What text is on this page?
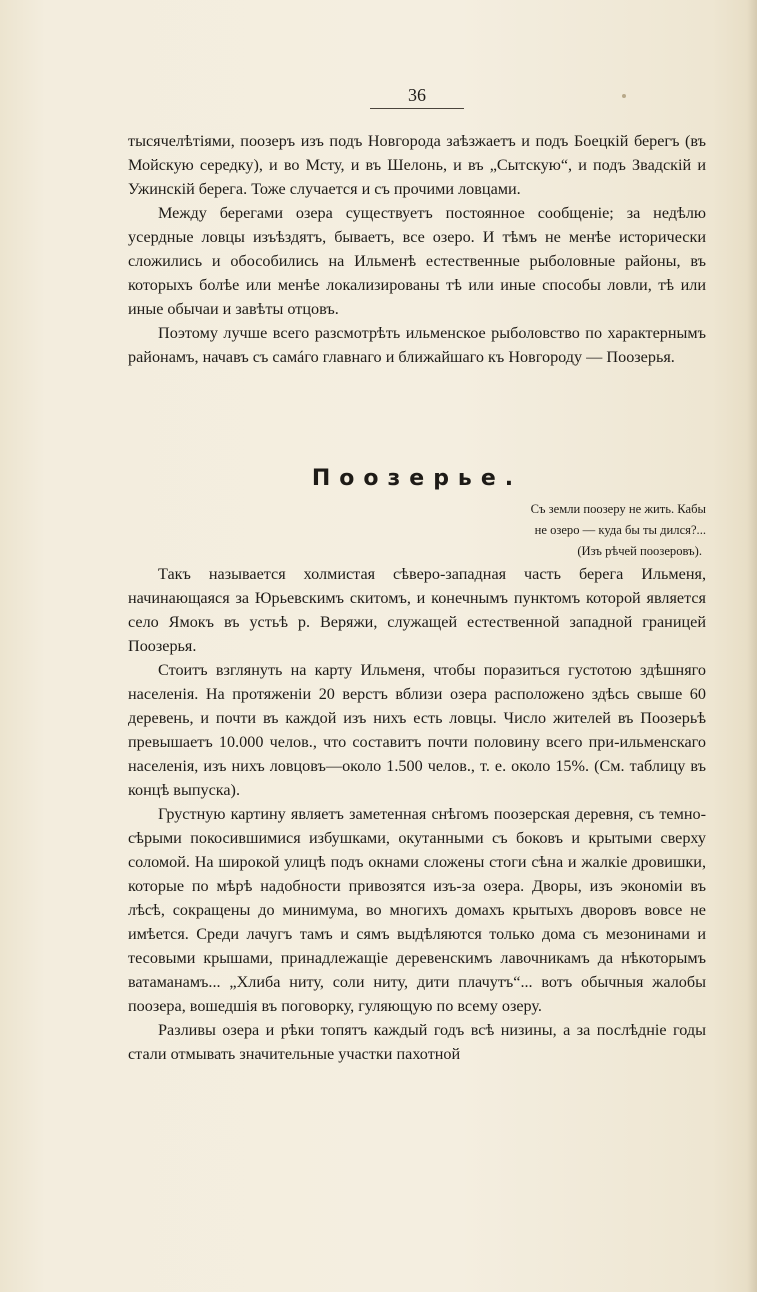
36

тысячелѣтіями, поозеръ изъ подъ Новгорода заѣзжаетъ и подъ Боецкій берегъ (въ Мойскую середку), и во Мсту, и въ Шелонь, и въ „Сытскую“, и подъ Звадскій и Ужинскій берега. Тоже случается и съ прочими ловцами.

Между берегами озера существуетъ постоянное сообщеніе; за недѣлю усердные ловцы изъѣздятъ, бываетъ, все озеро. И тѣмъ не менѣе исторически сложились и обособились на Ильменѣ естественные рыболовные районы, въ которыхъ болѣе или менѣе локализированы тѣ или иные способы ловли, тѣ или иные обычаи и завѣты отцовъ.

Поэтому лучше всего разсмотрѣть ильменское рыболовство по характернымъ районамъ, начавъ съ самáго главнаго и ближайшаго къ Новгороду — Поозерья.

Поозерье.

Съ земли поозеру не жить. Кабы

не озеро — куда бы ты дился?...

(Изъ рѣчей поозеровъ).

Такъ называется холмистая сѣверо-западная часть берега Ильменя, начинающаяся за Юрьевскимъ скитомъ, и конечнымъ пунктомъ которой является село Ямокъ въ устьѣ р. Веряжи, служащей естественной западной границей Поозерья.

Стоитъ взглянуть на карту Ильменя, чтобы поразиться густотою здѣшняго населенія. На протяженіи 20 верстъ вблизи озера расположено здѣсь свыше 60 деревень, и почти въ каждой изъ нихъ есть ловцы. Число жителей въ Поозерьѣ превышаетъ 10.000 челов., что составитъ почти половину всего при-ильменскаго населенія, изъ нихъ ловцовъ—около 1.500 челов., т. е. около 15%. (См. таблицу въ концѣ выпуска).

Грустную картину являетъ заметенная снѣгомъ поозерская деревня, съ темно-сѣрыми покосившимися избушками, окутанными съ боковъ и крытыми сверху соломой. На широкой улицѣ подъ окнами сложены стоги сѣна и жалкіе дровишки, которые по мѣрѣ надобности привозятся изъ-за озера. Дворы, изъ экономіи въ лѣсѣ, сокращены до минимума, во многихъ домахъ крытыхъ дворовъ вовсе не имѣется. Среди лачугъ тамъ и сямъ выдѣляются только дома съ мезонинами и тесовыми крышами, принадлежащіе деревенскимъ лавочникамъ да нѣкоторымъ ватаманамъ... „Хлиба ниту, соли ниту, дити плачутъ“... вотъ обычныя жалобы поозера, вошедшія въ поговорку, гуляющую по всему озеру.

Разливы озера и рѣки топятъ каждый годъ всѣ низины, а за послѣдніе годы стали отмывать значительные участки пахотной
